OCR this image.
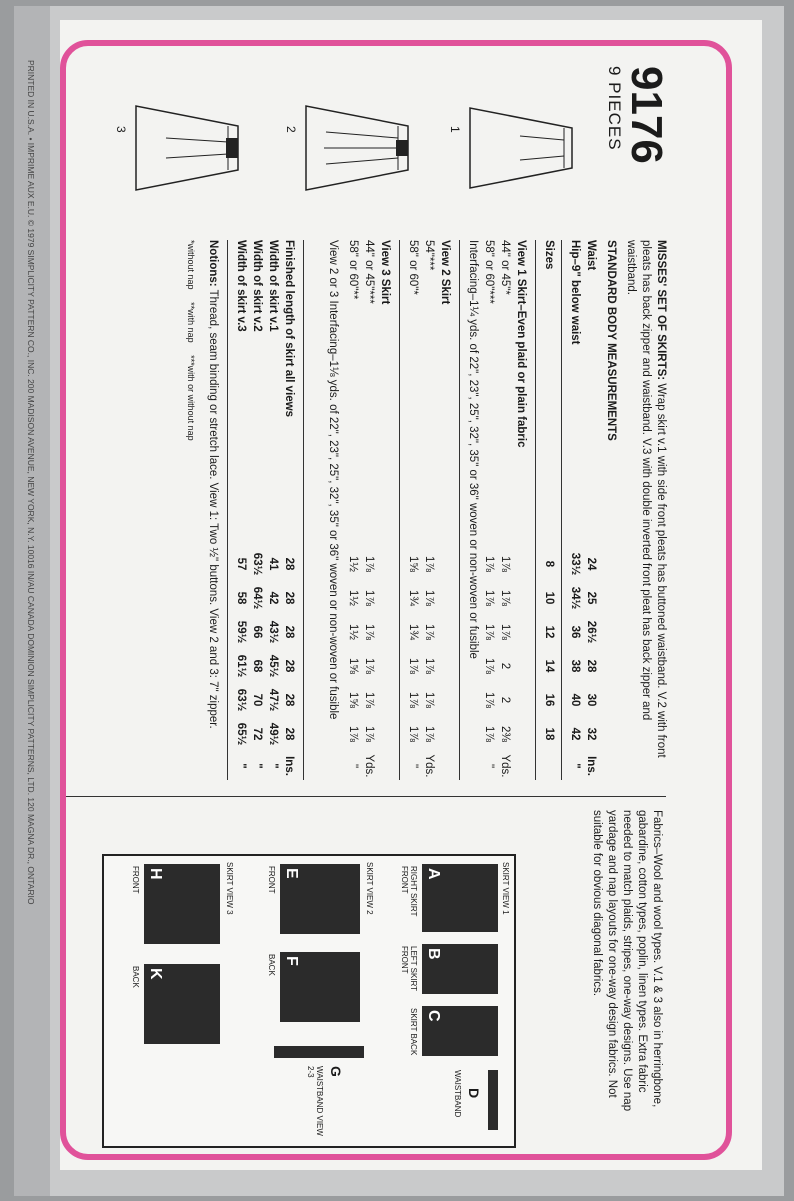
9176
9 PIECES
1
2
3
MISSES' SET OF SKIRTS: Wrap skirt v.1 with side front pleats has buttoned waistband. V.2 with front pleats has back zipper and waistband. V.3 with double inverted front pleat has back zipper and waistband.
STANDARD BODY MEASUREMENTS
Waist
24
25
26½
28
30
32
Ins.
Hip–9" below waist
33½
34½
36
38
40
42
"
Sizes
8
10
12
14
16
18
View 1 Skirt–Even plaid or plain fabric
44" or 45"*
1⅞
1⅞
1⅞
2
2
2⅜
Yds.
58" or 60"***
1⅞
1⅞
1⅞
1⅞
1⅞
1⅞
"
Interfacing–1¼ yds. of 22", 23", 25", 32", 35" or 36" woven or non-woven or fusible
View 2 Skirt
54"***
1⅞
1⅞
1⅞
1⅞
1⅞
1⅞
Yds.
58" or 60"*
1⅝
1¾
1¾
1⅞
1⅞
1⅞
"
View 3 Skirt
44" or 45"***
1⅞
1⅞
1⅞
1⅞
1⅞
1⅞
Yds.
58" or 60"**
1½
1½
1½
1⅝
1⅝
1⅞
"
View 2 or 3 Interfacing–1⅛ yds. of 22", 23", 25", 32", 35" or 36" woven or non-woven or fusible
Finished length of skirt all views
28
28
28
28
28
28
Ins.
Width of skirt v.1
41
42
43½
45½
47½
49½
"
Width of skirt v.2
63½
64½
66
68
70
72
"
Width of skirt v.3
57
58
59½
61½
63½
65½
"
Notions: Thread, seam binding or stretch lace. View 1: Two ½" buttons. View 2 and 3: 7" zipper.
*without nap     **with nap     ***with or without nap
Fabrics–Wool and wool types. V.1 & 3 also in herringbone, gabardine, cotton types, poplin, linen types. Extra fabric needed to match plaids, stripes, one-way designs. Use nap yardage and nap layouts for one-way design fabrics. Not suitable for obvious diagonal fabrics.
SKIRT VIEW 1
SKIRT VIEW 2
SKIRT VIEW 3	A
RIGHT SKIRT FRONT
B
LEFT SKIRT FRONT
C
SKIRT BACK
D
WAISTBAND
E
FRONT
F
BACK
G
WAISTBAND VIEW 2-3
H
FRONT
K
BACK
PRINTED IN U.S.A. • IMPRIME AUX E.U. © 1979 SIMPLICITY PATTERN CO., INC. 200 MADISON AVENUE, NEW YORK, N.Y. 10016 IN/AU CANADA DOMINION SIMPLICITY PATTERNS, LTD. 120 MAGNA DR., ONTARIO
